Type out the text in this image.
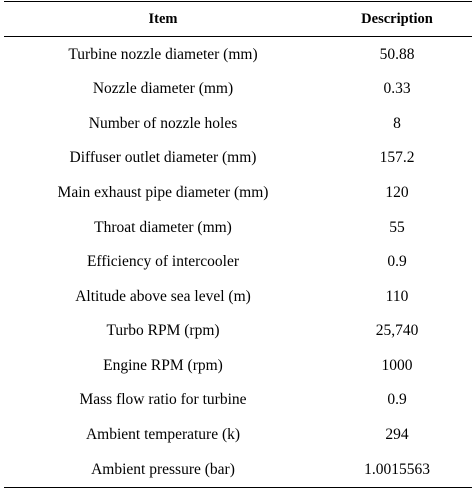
Item	Description
Turbine nozzle diameter (mm)	50.88
Nozzle diameter (mm)	0.33
Number of nozzle holes	8
Diffuser outlet diameter (mm)	157.2
Main exhaust pipe diameter (mm)	120
Throat diameter (mm)	55
Efficiency of intercooler	0.9
Altitude above sea level (m)	110
Turbo RPM (rpm)	25,740
Engine RPM (rpm)	1000
Mass flow ratio for turbine	0.9
Ambient temperature (k)	294
Ambient pressure (bar)	1.0015563
